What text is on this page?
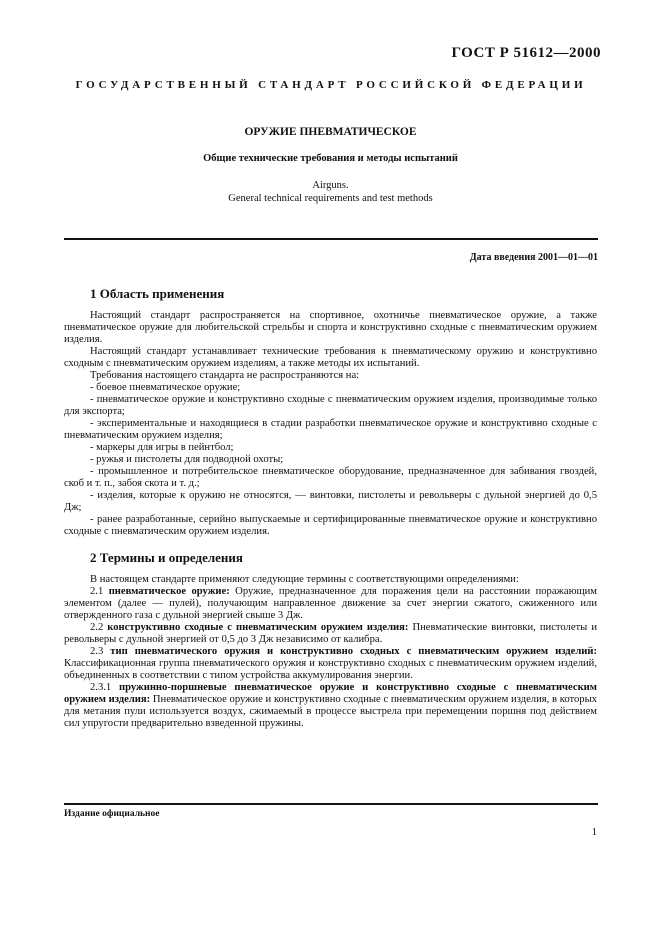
ГОСТ Р 51612—2000
ГОСУДАРСТВЕННЫЙ СТАНДАРТ РОССИЙСКОЙ ФЕДЕРАЦИИ
ОРУЖИЕ ПНЕВМАТИЧЕСКОЕ
Общие технические требования и методы испытаний
Airguns.
General technical requirements and test methods
Дата введения 2001—01—01
1 Область применения

Настоящий стандарт распространяется на спортивное, охотничье пневматическое оружие, а также пневматическое оружие для любительской стрельбы и спорта и конструктивно сходные с пневматическим оружием изделия.

Настоящий стандарт устанавливает технические требования к пневматическому оружию и конструктивно сходным с пневматическим оружием изделиям, а также методы их испытаний.

Требования настоящего стандарта не распространяются на:

- боевое пневматическое оружие;

- пневматическое оружие и конструктивно сходные с пневматическим оружием изделия, производимые только для экспорта;

- экспериментальные и находящиеся в стадии разработки пневматическое оружие и конструктивно сходные с пневматическим оружием изделия;

- маркеры для игры в пейнтбол;

- ружья и пистолеты для подводной охоты;

- промышленное и потребительское пневматическое оборудование, предназначенное для забивания гвоздей, скоб и т. п., забоя скота и т. д.;

- изделия, которые к оружию не относятся, — винтовки, пистолеты и револьверы с дульной энергией до 0,5 Дж;

- ранее разработанные, серийно выпускаемые и сертифицированные пневматическое оружие и конструктивно сходные с пневматическим оружием изделия.

2 Термины и определения

В настоящем стандарте применяют следующие термины с соответствующими определениями:

2.1 пневматическое оружие: Оружие, предназначенное для поражения цели на расстоянии поражающим элементом (далее — пулей), получающим направленное движение за счет энергии сжатого, сжиженного или отвержденного газа с дульной энергией свыше 3 Дж.

2.2 конструктивно сходные с пневматическим оружием изделия: Пневматические винтовки, пистолеты и револьверы с дульной энергией от 0,5 до 3 Дж независимо от калибра.

2.3 тип пневматического оружия и конструктивно сходных с пневматическим оружием изделий: Классификационная группа пневматического оружия и конструктивно сходных с пневматическим оружием изделий, объединенных в соответствии с типом устройства аккумулирования энергии.

2.3.1 пружинно-поршневые пневматическое оружие и конструктивно сходные с пневматическим оружием изделия: Пневматическое оружие и конструктивно сходные с пневматическим оружием изделия, в которых для метания пули используется воздух, сжимаемый в процессе выстрела при перемещении поршня под действием сил упругости предварительно взведенной пружины.

Издание официальное
1
